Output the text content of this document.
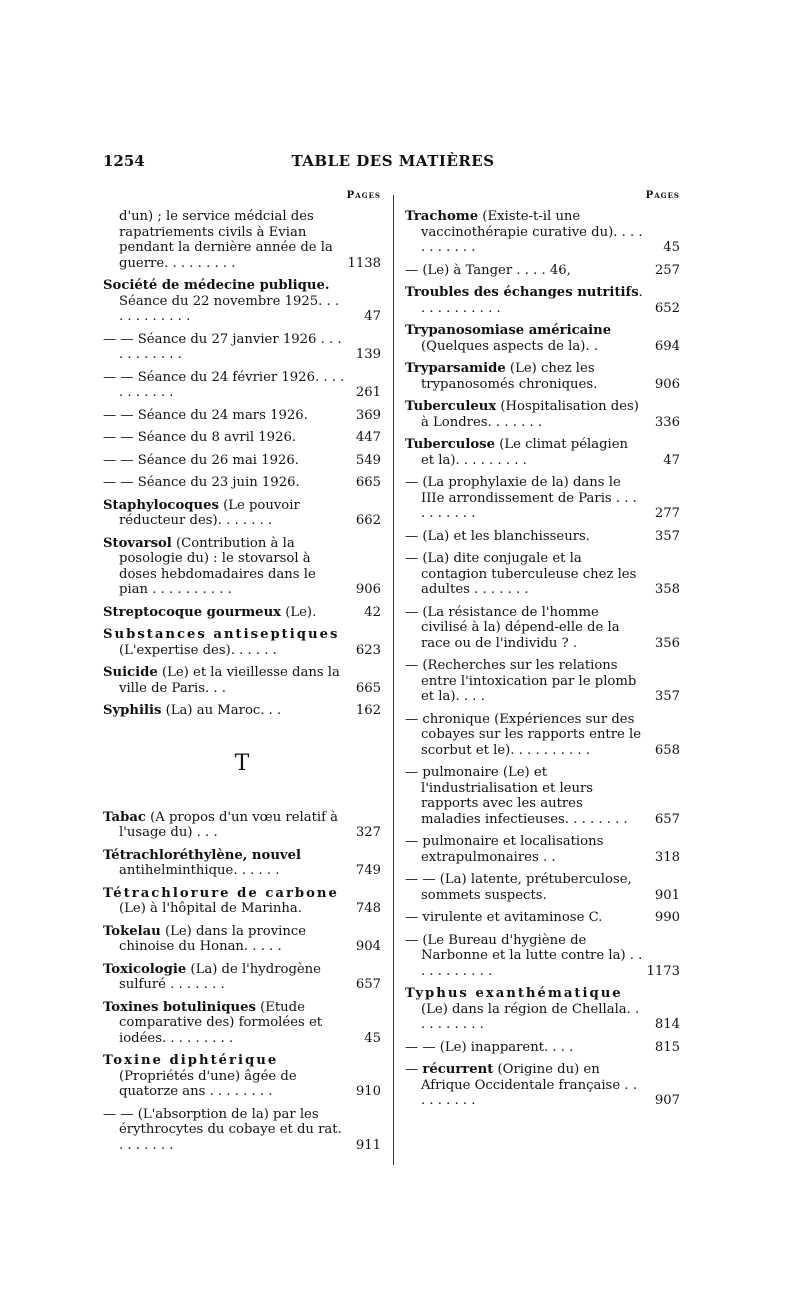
1254	TABLE DES MATIÈRES
Pages
d'un) ; le service médcial des rapatriements civils à Evian pendant la dernière année de la guerre. . . . . . . . .	1138
Société de médecine publique. Séance du 22 novembre 1925. . . . . . . . . . . .	47
— — Séance du 27 janvier 1926 . . . . . . . . . . .	139
— — Séance du 24 février 1926. . . . . . . . . . .	261
— — Séance du 24 mars 1926.	369
— — Séance du 8 avril 1926.	447
— — Séance du 26 mai 1926.	549
— — Séance du 23 juin 1926.	665
Staphylocoques (Le pouvoir réducteur des). . . . . . .	662
Stovarsol (Contribution à la posologie du) : le stovarsol à doses hebdomadaires dans le pian . . . . . . . . . .	906
Streptocoque gourmeux (Le).	42
Substances antiseptiques (L'expertise des). . . . . .	623
Suicide (Le) et la vieillesse dans la ville de Paris. . .	665
Syphilis (La) au Maroc. . .	162
T
Tabac (A propos d'un vœu relatif à l'usage du) . . .	327
Tétrachloréthylène, nouvel antihelminthique. . . . . .	749
Tétrachlorure de carbone (Le) à l'hôpital de Marinha.	748
Tokelau (Le) dans la province chinoise du Honan. . . . .	904
Toxicologie (La) de l'hydrogène sulfuré . . . . . . .	657
Toxines botuliniques (Etude comparative des) formolées et iodées. . . . . . . . .	45
Toxine diphtérique (Propriétés d'une) âgée de quatorze ans . . . . . . . .	910
— — (L'absorption de la) par les érythrocytes du cobaye et du rat. . . . . . . .	911
Pages
Trachome (Existe-t-il une vaccinothérapie curative du). . . . . . . . . . .	45
— (Le) à Tanger . . . . 46,	257
Troubles des échanges nutritifs. . . . . . . . . . .	652
Trypanosomiase américaine (Quelques aspects de la). .	694
Tryparsamide (Le) chez les trypanosomés chroniques.	906
Tuberculeux (Hospitalisation des) à Londres. . . . . . .	336
Tuberculose (Le climat pélagien et la). . . . . . . . .	47
— (La prophylaxie de la) dans le IIIe arrondissement de Paris . . . . . . . . . .	277
— (La) et les blanchisseurs.	357
— (La) dite conjugale et la contagion tuberculeuse chez les adultes . . . . . . .	358
— (La résistance de l'homme civilisé à la) dépend-elle de la race ou de l'individu ? .	356
— (Recherches sur les relations entre l'intoxication par le plomb et la). . . .	357
— chronique (Expériences sur des cobayes sur les rapports entre le scorbut et le). . . . . . . . . .	658
— pulmonaire (Le) et l'industrialisation et leurs rapports avec les autres maladies infectieuses. . . . . . . . 657
— pulmonaire et localisations extrapulmonaires . .	318
— — (La) latente, prétuberculose, sommets suspects.	901
— virulente et avitaminose C.	990
— (Le Bureau d'hygiène de Narbonne et la lutte contre la) . . . . . . . . . . .	1173
Typhus exanthématique (Le) dans la région de Chellala. . . . . . . . . .	814
— — (Le) inapparent. . . .	815
— récurrent (Origine du) en Afrique Occidentale française . . . . . . . . .	907
